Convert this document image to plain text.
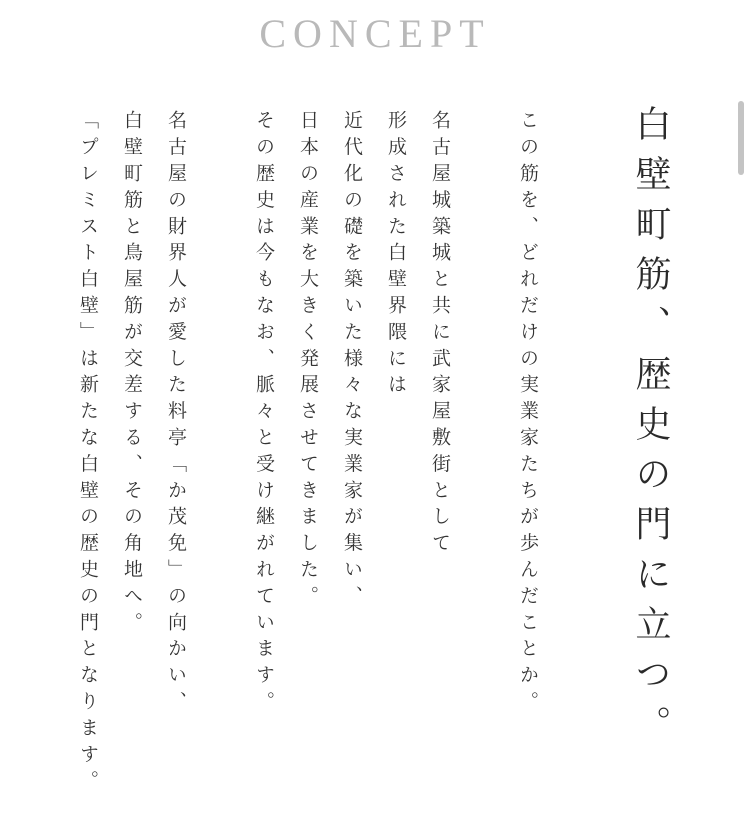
CONCEPT

白壁町筋、歴史の門に立つ。

この筋を、どれだけの実業家たちが歩んだことか。

名古屋城築城と共に武家屋敷街として

形成された白壁界隈には

近代化の礎を築いた様々な実業家が集い、

日本の産業を大きく発展させてきました。

その歴史は今もなお、脈々と受け継がれています。

名古屋の財界人が愛した料亭「か茂免」の向かい、

白壁町筋と鳥屋筋が交差する、その角地へ。

「プレミスト白壁」は新たな白壁の歴史の門となります。
